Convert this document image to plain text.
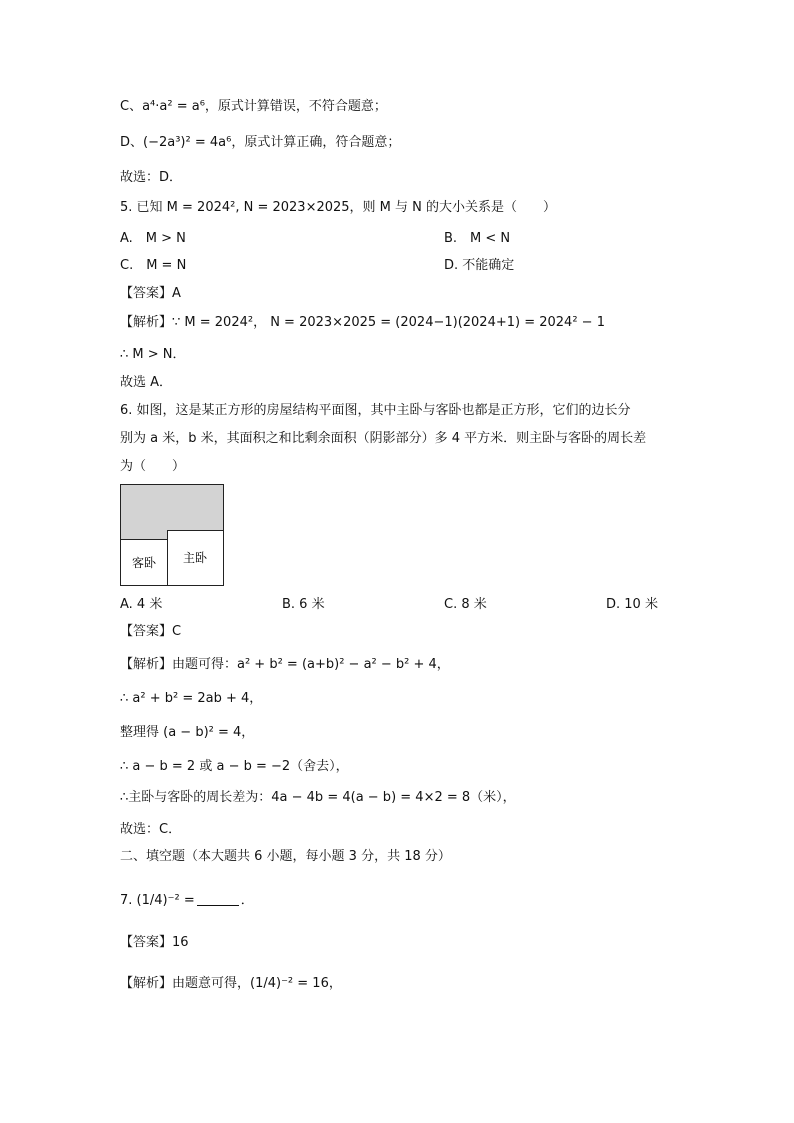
C、a⁴·a² = a⁶，原式计算错误，不符合题意；
D、(−2a³)² = 4a⁶，原式计算正确，符合题意；
故选：D．
5. 已知 M = 2024², N = 2023×2025，则 M 与 N 的大小关系是（　　）
A.　M > N	B.　M < N
C.　M = N	D. 不能确定
【答案】A
【解析】∵ M = 2024²， N = 2023×2025 = (2024−1)(2024+1) = 2024² − 1
∴ M > N．
故选 A．
6. 如图，这是某正方形的房屋结构平面图，其中主卧与客卧也都是正方形，它们的边长分
别为 a 米，b 米，其面积之和比剩余面积（阴影部分）多 4 平方米．则主卧与客卧的周长差
为（　　）
客卧 主卧
A. 4 米	B. 6 米	C. 8 米	D. 10 米
【答案】C
【解析】由题可得：a² + b² = (a+b)² − a² − b² + 4，
∴ a² + b² = 2ab + 4，
整理得 (a − b)² = 4，
∴ a − b = 2 或 a − b = −2（舍去），
∴主卧与客卧的周长差为：4a − 4b = 4(a − b) = 4×2 = 8（米），
故选：C．
二、填空题（本大题共 6 小题，每小题 3 分，共 18 分）
7. (1/4)⁻² =	．
【答案】16
【解析】由题意可得，(1/4)⁻² = 16，
